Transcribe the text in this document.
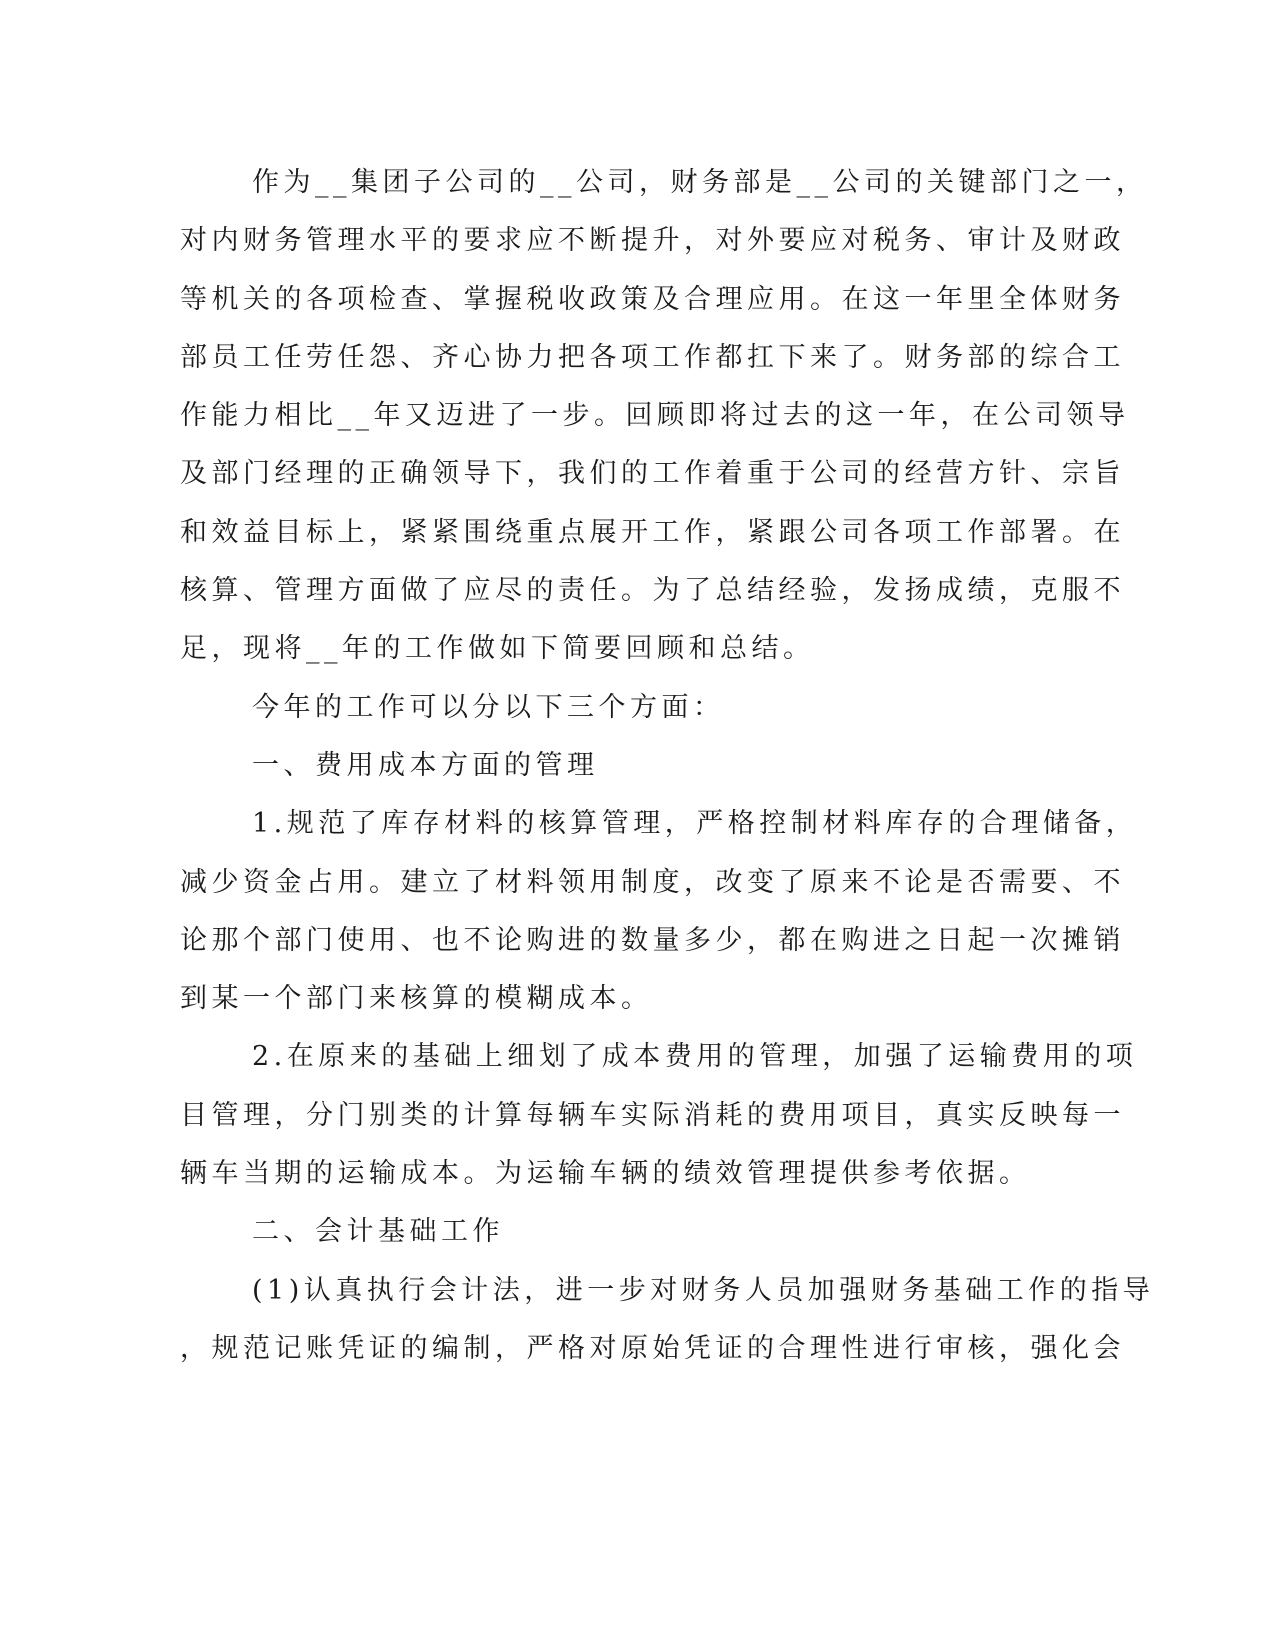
作为__集团子公司的__公司，财务部是__公司的关键部门之一，
对内财务管理水平的要求应不断提升，对外要应对税务、审计及财政
等机关的各项检查、掌握税收政策及合理应用。在这一年里全体财务
部员工任劳任怨、齐心协力把各项工作都扛下来了。财务部的综合工
作能力相比__年又迈进了一步。回顾即将过去的这一年，在公司领导
及部门经理的正确领导下，我们的工作着重于公司的经营方针、宗旨
和效益目标上，紧紧围绕重点展开工作，紧跟公司各项工作部署。在
核算、管理方面做了应尽的责任。为了总结经验，发扬成绩，克服不
足，现将__年的工作做如下简要回顾和总结。
今年的工作可以分以下三个方面：
一、费用成本方面的管理
1.规范了库存材料的核算管理，严格控制材料库存的合理储备，
减少资金占用。建立了材料领用制度，改变了原来不论是否需要、不
论那个部门使用、也不论购进的数量多少，都在购进之日起一次摊销
到某一个部门来核算的模糊成本。
2.在原来的基础上细划了成本费用的管理，加强了运输费用的项
目管理，分门别类的计算每辆车实际消耗的费用项目，真实反映每一
辆车当期的运输成本。为运输车辆的绩效管理提供参考依据。
二、会计基础工作
(1)认真执行会计法，进一步对财务人员加强财务基础工作的指导
，规范记账凭证的编制，严格对原始凭证的合理性进行审核，强化会
